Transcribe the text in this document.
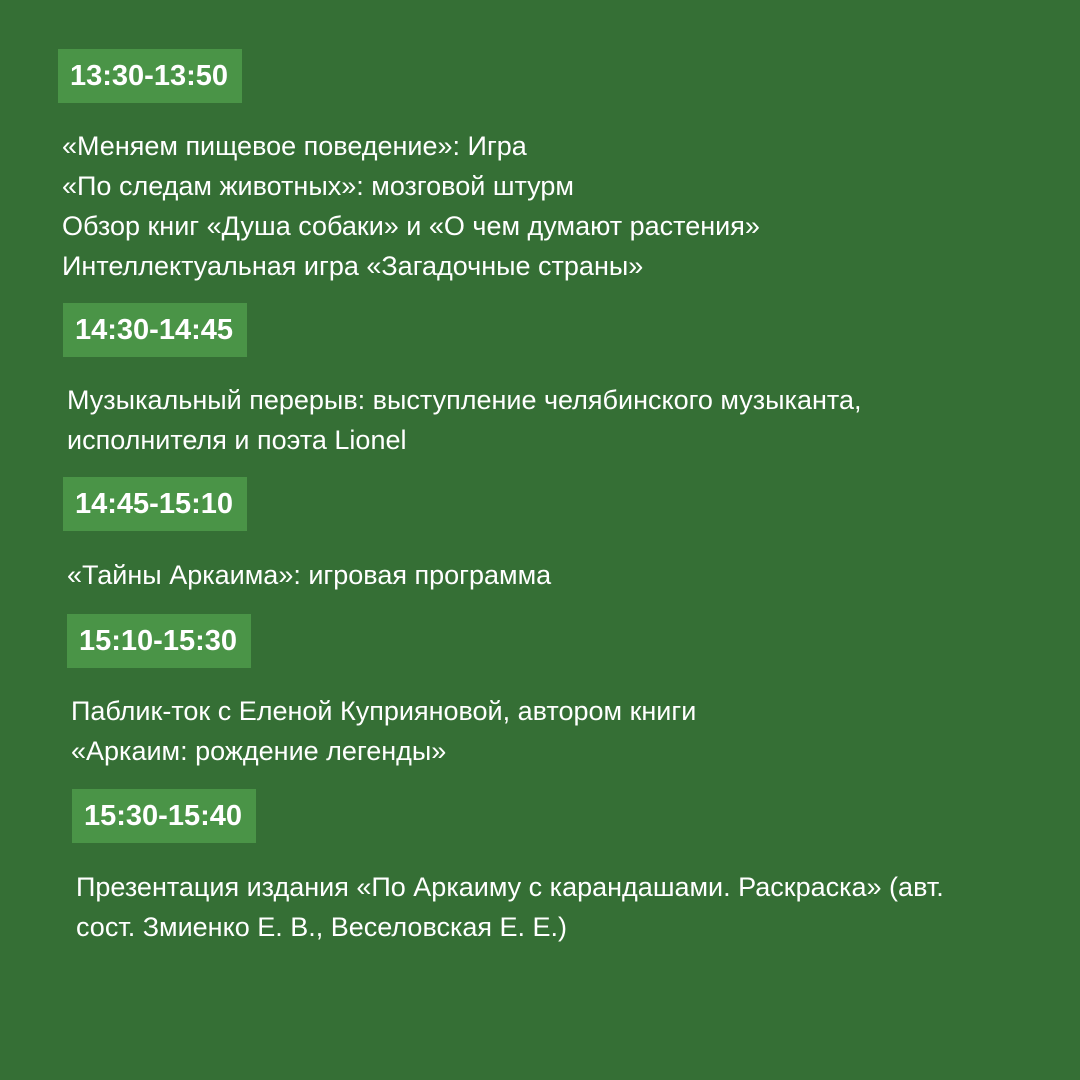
13:30-13:50
«Меняем пищевое поведение»: Игра
«По следам животных»: мозговой штурм
Обзор книг «Душа собаки» и «О чем думают растения»
Интеллектуальная игра «Загадочные страны»
14:30-14:45
Музыкальный перерыв: выступление челябинского музыканта,
исполнителя и поэта Lionel
14:45-15:10
«Тайны Аркаима»: игровая программа
15:10-15:30
Паблик-ток с Еленой Куприяновой, автором книги
«Аркаим: рождение легенды»
15:30-15:40
Презентация издания «По Аркаиму с карандашами. Раскраска» (авт.
сост. Змиенко Е. В., Веселовская Е. Е.)
